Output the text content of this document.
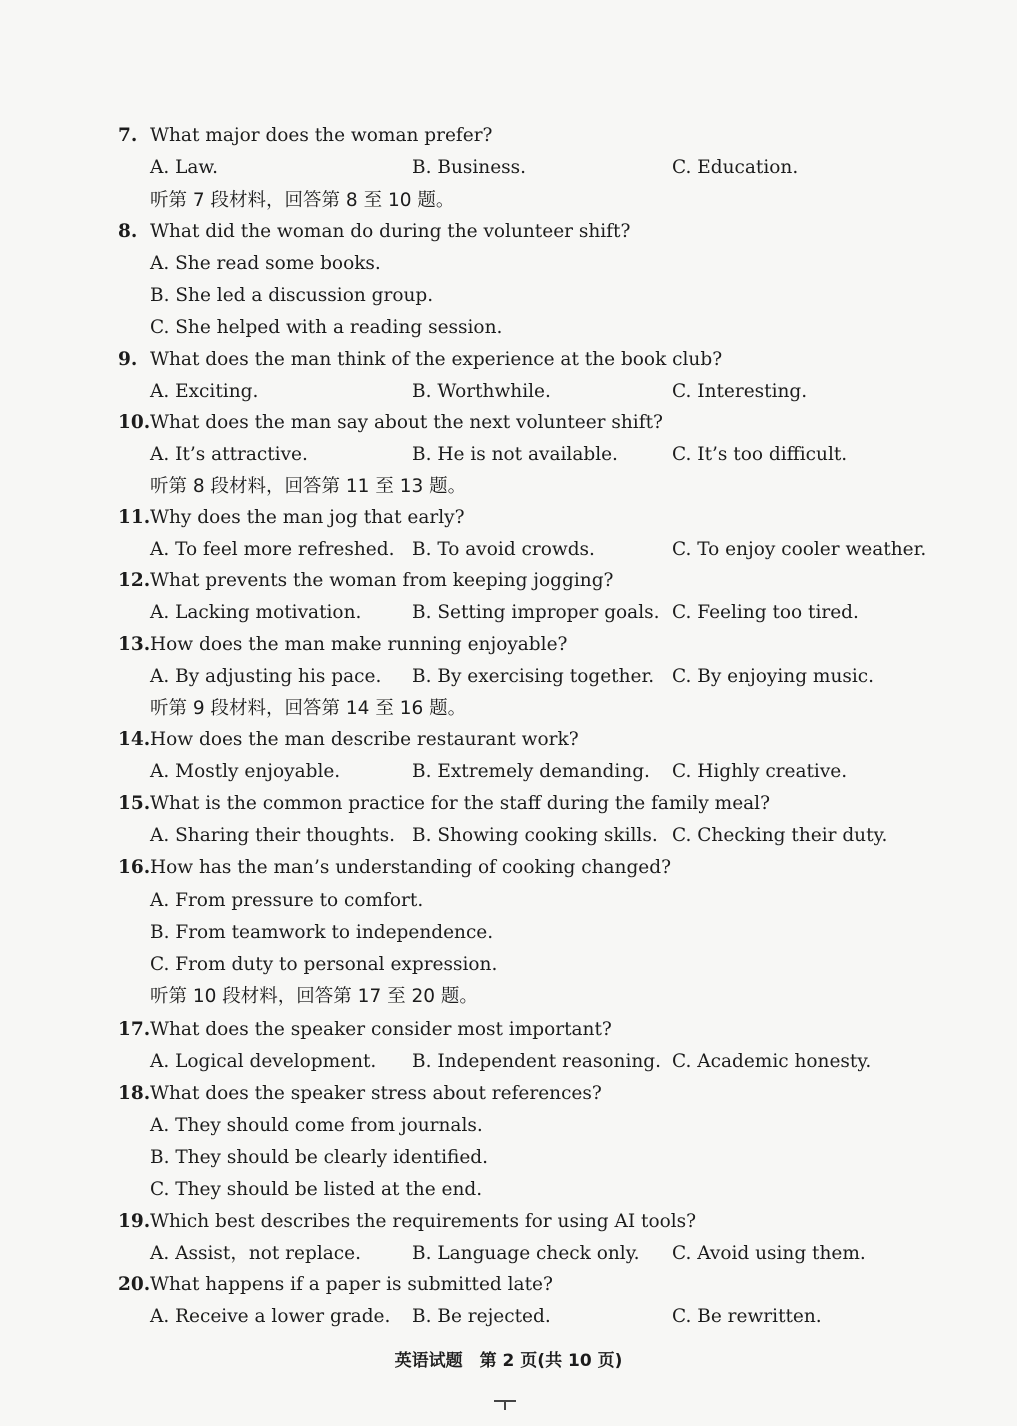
7. What major does the woman prefer?
A. Law.	B. Business.	C. Education.
听第 7 段材料，回答第 8 至 10 题。
8. What did the woman do during the volunteer shift?
A. She read some books.
B. She led a discussion group.
C. She helped with a reading session.
9. What does the man think of the experience at the book club?
A. Exciting.	B. Worthwhile.	C. Interesting.
10. What does the man say about the next volunteer shift?
A. It’s attractive.	B. He is not available.	C. It’s too difficult.
听第 8 段材料，回答第 11 至 13 题。
11. Why does the man jog that early?
A. To feel more refreshed. B. To avoid crowds.	C. To enjoy cooler weather.
12. What prevents the woman from keeping jogging?
A. Lacking motivation.	B. Setting improper goals. C. Feeling too tired.
13. How does the man make running enjoyable?
A. By adjusting his pace. B. By exercising together. C. By enjoying music.
听第 9 段材料，回答第 14 至 16 题。
14. How does the man describe restaurant work?
A. Mostly enjoyable.	B. Extremely demanding. C. Highly creative.
15. What is the common practice for the staff during the family meal?
A. Sharing their thoughts. B. Showing cooking skills. C. Checking their duty.
16. How has the man’s understanding of cooking changed?
A. From pressure to comfort.
B. From teamwork to independence.
C. From duty to personal expression.
听第 10 段材料，回答第 17 至 20 题。
17. What does the speaker consider most important?
A. Logical development. B. Independent reasoning. C. Academic honesty.
18. What does the speaker stress about references?
A. They should come from journals.
B. They should be clearly identified.
C. They should be listed at the end.
19. Which best describes the requirements for using AI tools?
A. Assist，not replace.	B. Language check only. C. Avoid using them.
20. What happens if a paper is submitted late?
A. Receive a lower grade. B. Be rejected.	C. Be rewritten.
英语试题　第 2 页(共 10 页)
